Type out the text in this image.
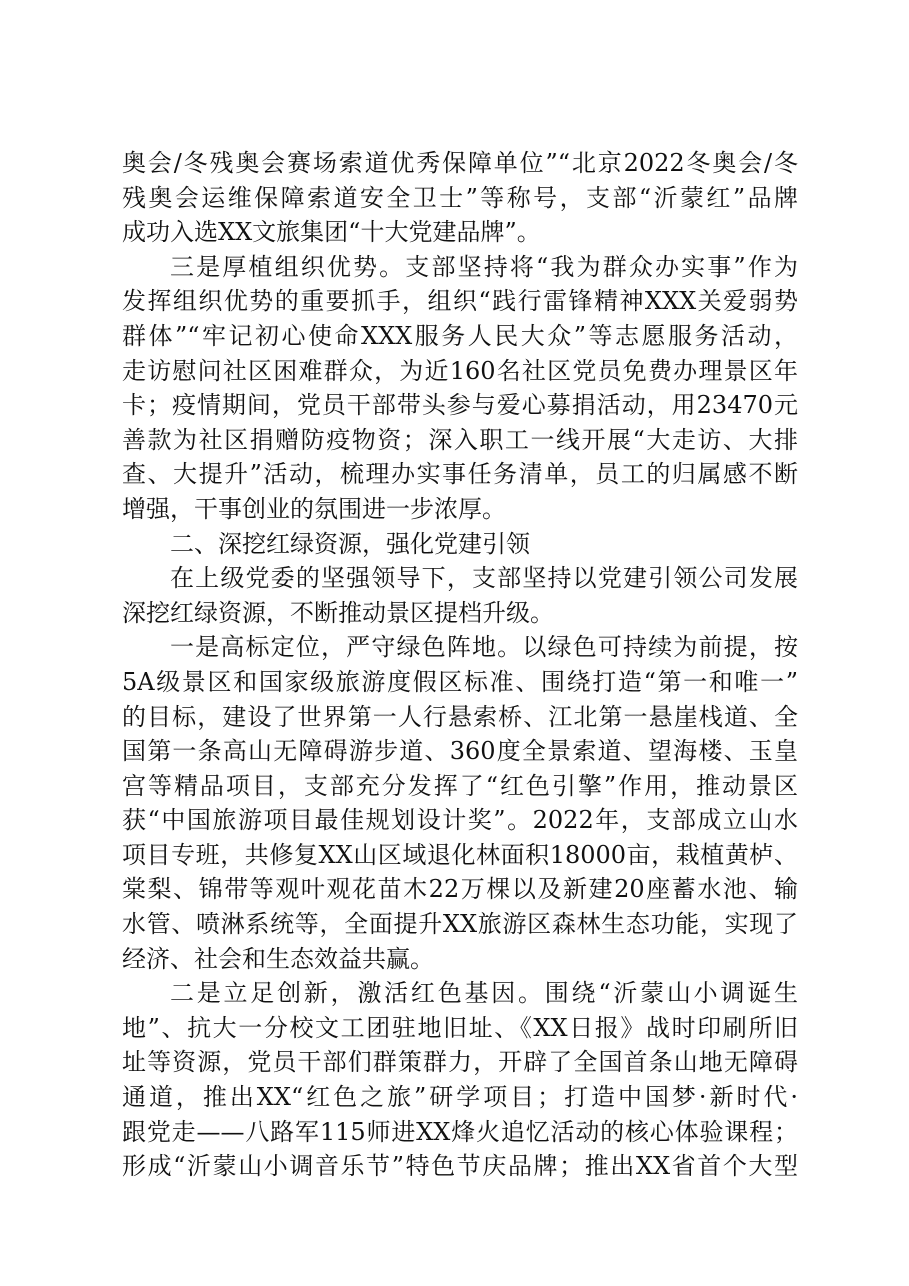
奥会/冬残奥会赛场索道优秀保障单位”“北京2022冬奥会/冬
残奥会运维保障索道安全卫士”等称号，支部“沂蒙红”品牌
成功入选XX文旅集团“十大党建品牌”。
三是厚植组织优势。支部坚持将“我为群众办实事”作为
发挥组织优势的重要抓手，组织“践行雷锋精神XXX关爱弱势
群体”“牢记初心使命XXX服务人民大众”等志愿服务活动，
走访慰问社区困难群众，为近160名社区党员免费办理景区年
卡；疫情期间，党员干部带头参与爱心募捐活动，用23470元
善款为社区捐赠防疫物资；深入职工一线开展“大走访、大排
查、大提升”活动，梳理办实事任务清单，员工的归属感不断
增强，干事创业的氛围进一步浓厚。
二、深挖红绿资源，强化党建引领
在上级党委的坚强领导下，支部坚持以党建引领公司发展
深挖红绿资源，不断推动景区提档升级。
一是高标定位，严守绿色阵地。以绿色可持续为前提，按
5A级景区和国家级旅游度假区标准、围绕打造“第一和唯一”
的目标，建设了世界第一人行悬索桥、江北第一悬崖栈道、全
国第一条高山无障碍游步道、360度全景索道、望海楼、玉皇
宫等精品项目，支部充分发挥了“红色引擎”作用，推动景区
获“中国旅游项目最佳规划设计奖”。2022年，支部成立山水
项目专班，共修复XX山区域退化林面积18000亩，栽植黄栌、
棠梨、锦带等观叶观花苗木22万棵以及新建20座蓄水池、输
水管、喷淋系统等，全面提升XX旅游区森林生态功能，实现了
经济、社会和生态效益共赢。
二是立足创新，激活红色基因。围绕“沂蒙山小调诞生
地”、抗大一分校文工团驻地旧址、《XX日报》战时印刷所旧
址等资源，党员干部们群策群力，开辟了全国首条山地无障碍
通道，推出XX“红色之旅”研学项目；打造中国梦·新时代·
跟党走——八路军115师进XX烽火追忆活动的核心体验课程；
形成“沂蒙山小调音乐节”特色节庆品牌；推出XX省首个大型
